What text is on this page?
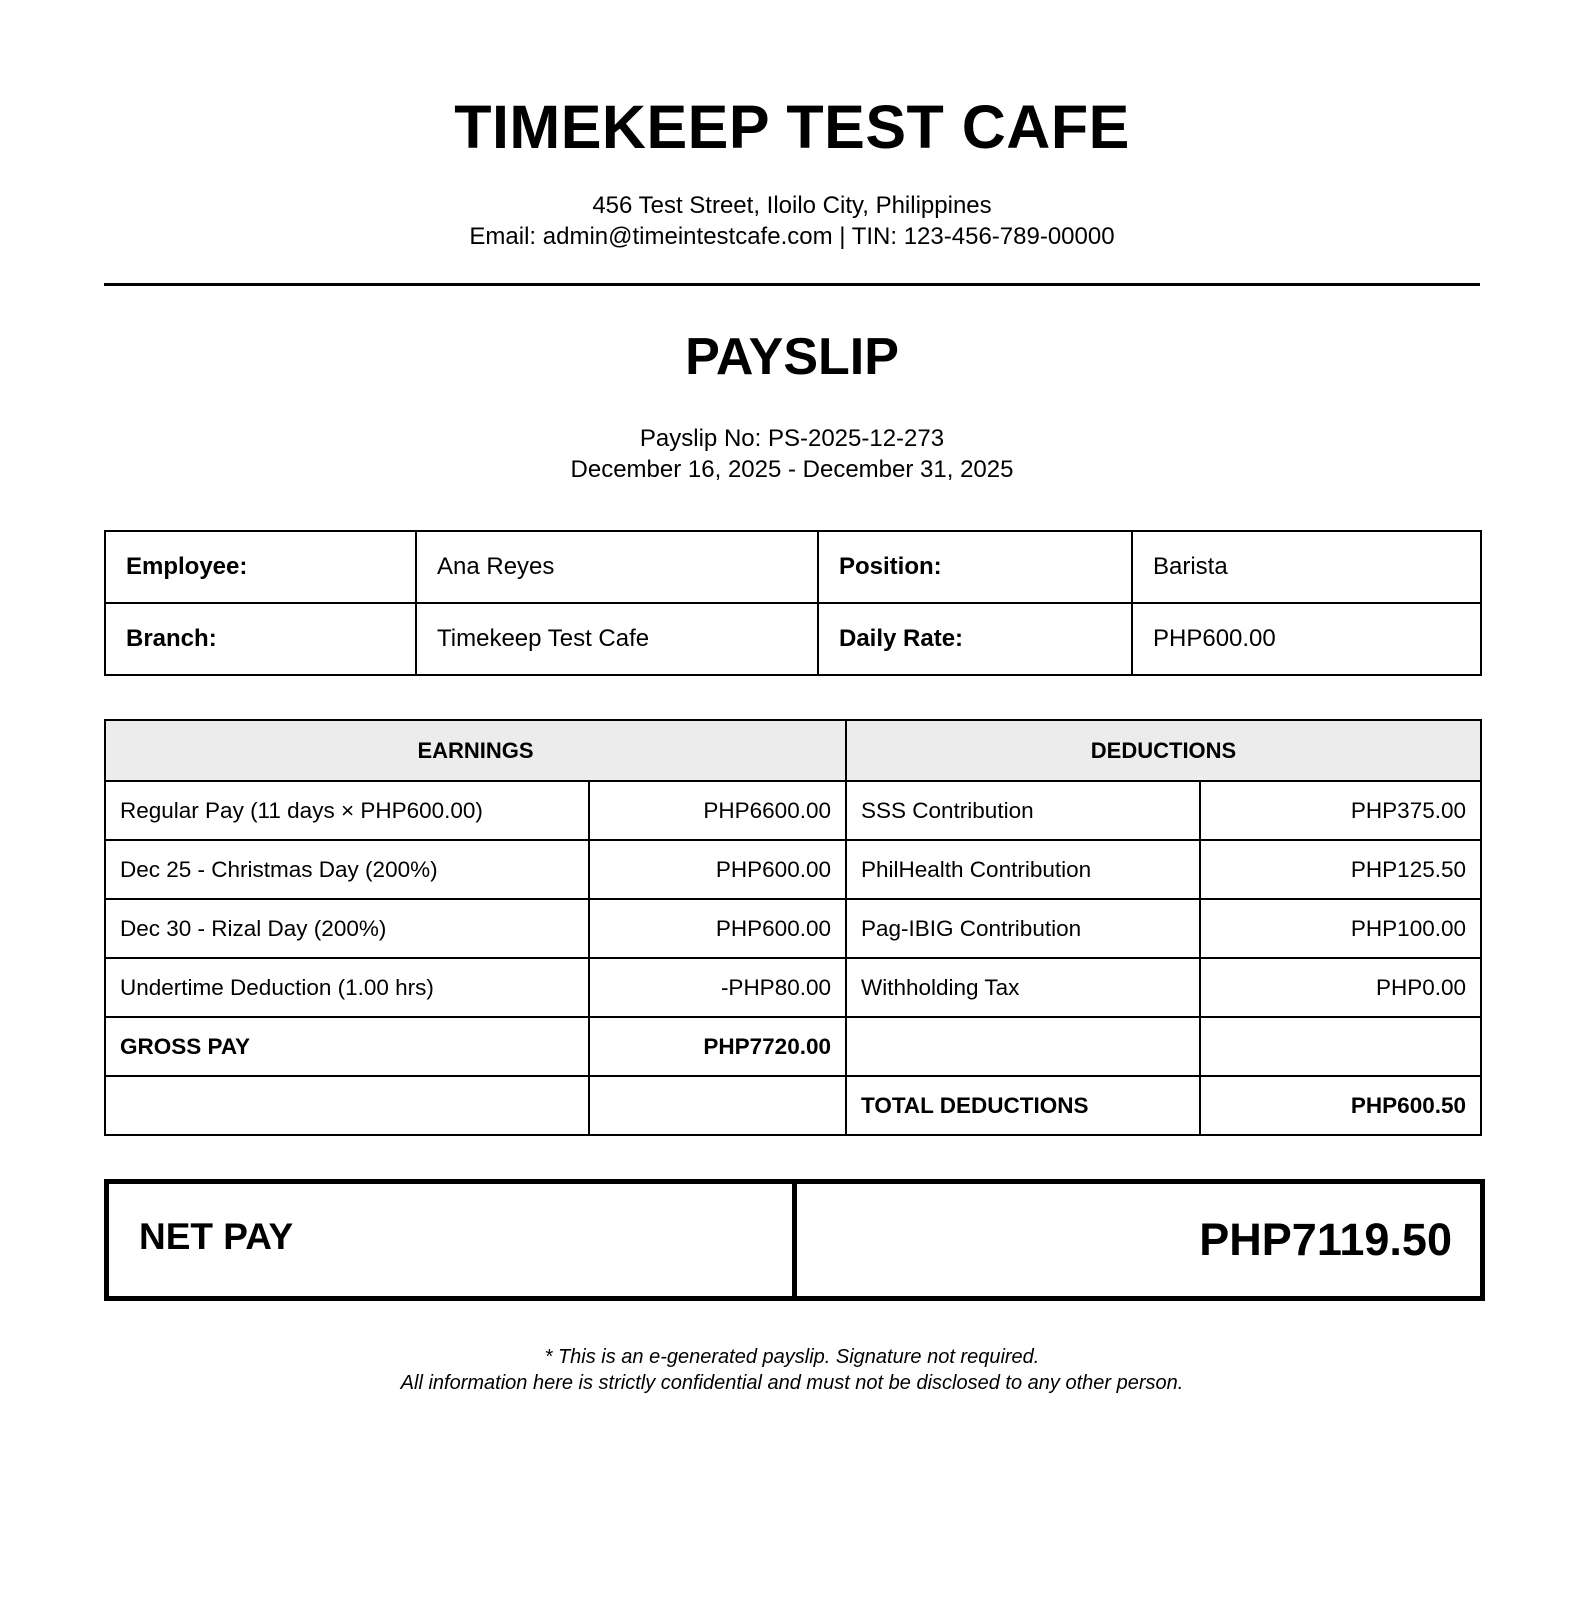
TIMEKEEP TEST CAFE
456 Test Street, Iloilo City, Philippines
Email: admin@timeintestcafe.com | TIN: 123-456-789-00000
PAYSLIP
Payslip No: PS-2025-12-273
December 16, 2025 - December 31, 2025
Employee:	Ana Reyes	Position:	Barista
Branch:	Timekeep Test Cafe	Daily Rate:	PHP600.00
EARNINGS		DEDUCTIONS	
Regular Pay (11 days × PHP600.00)	PHP6600.00	SSS Contribution	PHP375.00
Dec 25 - Christmas Day (200%)	PHP600.00	PhilHealth Contribution	PHP125.50
Dec 30 - Rizal Day (200%)	PHP600.00	Pag-IBIG Contribution	PHP100.00
Undertime Deduction (1.00 hrs)	-PHP80.00	Withholding Tax	PHP0.00
GROSS PAY	PHP7720.00		
		TOTAL DEDUCTIONS	PHP600.50
NET PAY	PHP7119.50
* This is an e-generated payslip. Signature not required.
All information here is strictly confidential and must not be disclosed to any other person.
